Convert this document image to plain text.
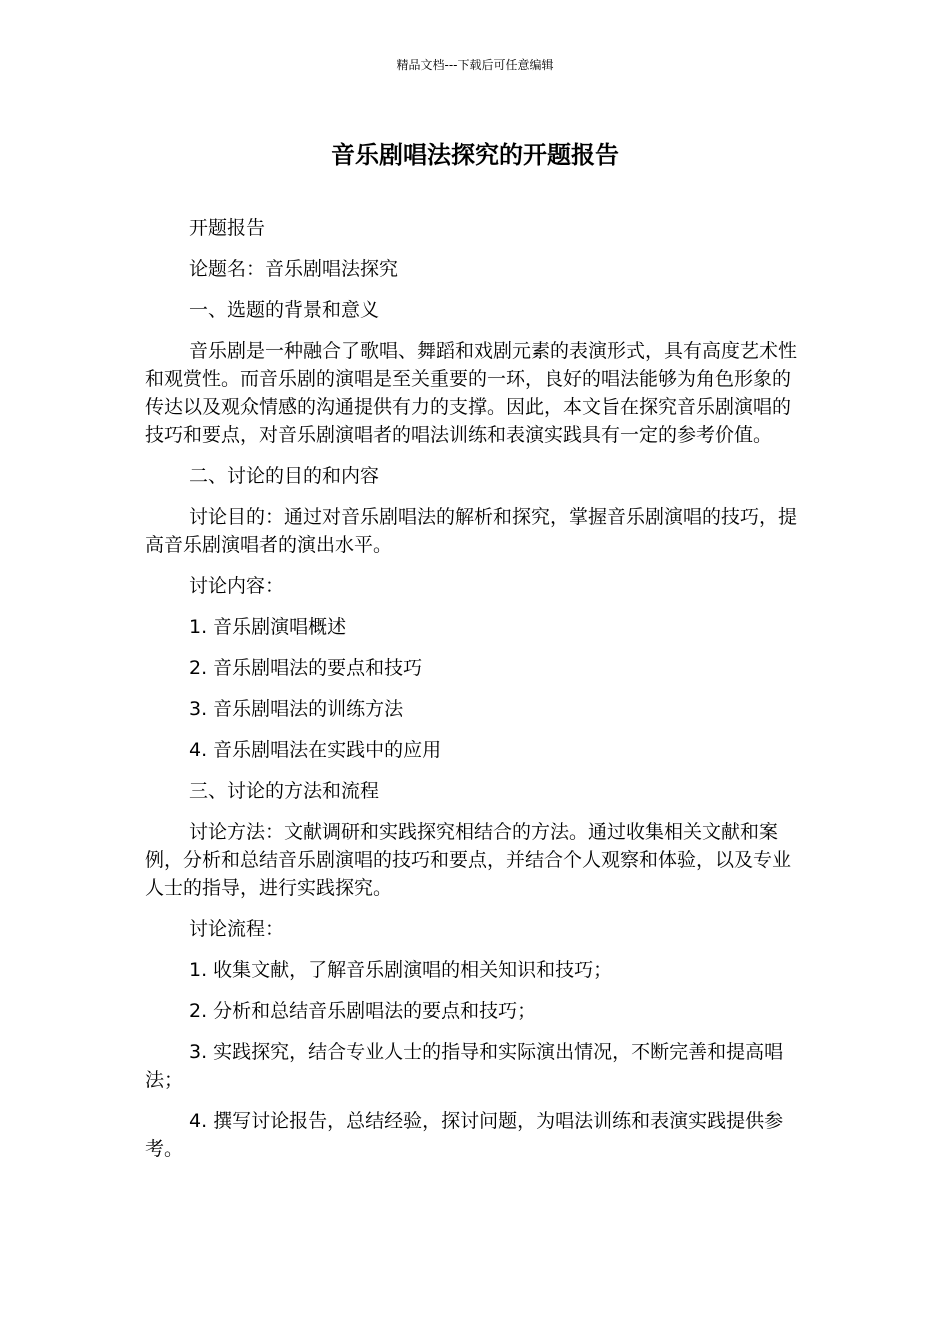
精品文档---下载后可任意编辑
音乐剧唱法探究的开题报告

开题报告

论题名：音乐剧唱法探究

一、选题的背景和意义

音乐剧是一种融合了歌唱、舞蹈和戏剧元素的表演形式，具有高度艺术性和观赏性。而音乐剧的演唱是至关重要的一环，良好的唱法能够为角色形象的传达以及观众情感的沟通提供有力的支撑。因此，本文旨在探究音乐剧演唱的技巧和要点，对音乐剧演唱者的唱法训练和表演实践具有一定的参考价值。

二、讨论的目的和内容

讨论目的：通过对音乐剧唱法的解析和探究，掌握音乐剧演唱的技巧，提高音乐剧演唱者的演出水平。

讨论内容：

1. 音乐剧演唱概述

2. 音乐剧唱法的要点和技巧

3. 音乐剧唱法的训练方法

4. 音乐剧唱法在实践中的应用

三、讨论的方法和流程

讨论方法：文献调研和实践探究相结合的方法。通过收集相关文献和案例，分析和总结音乐剧演唱的技巧和要点，并结合个人观察和体验，以及专业人士的指导，进行实践探究。

讨论流程：

1. 收集文献，了解音乐剧演唱的相关知识和技巧；

2. 分析和总结音乐剧唱法的要点和技巧；

3. 实践探究，结合专业人士的指导和实际演出情况，不断完善和提高唱法；

4. 撰写讨论报告，总结经验，探讨问题，为唱法训练和表演实践提供参考。
